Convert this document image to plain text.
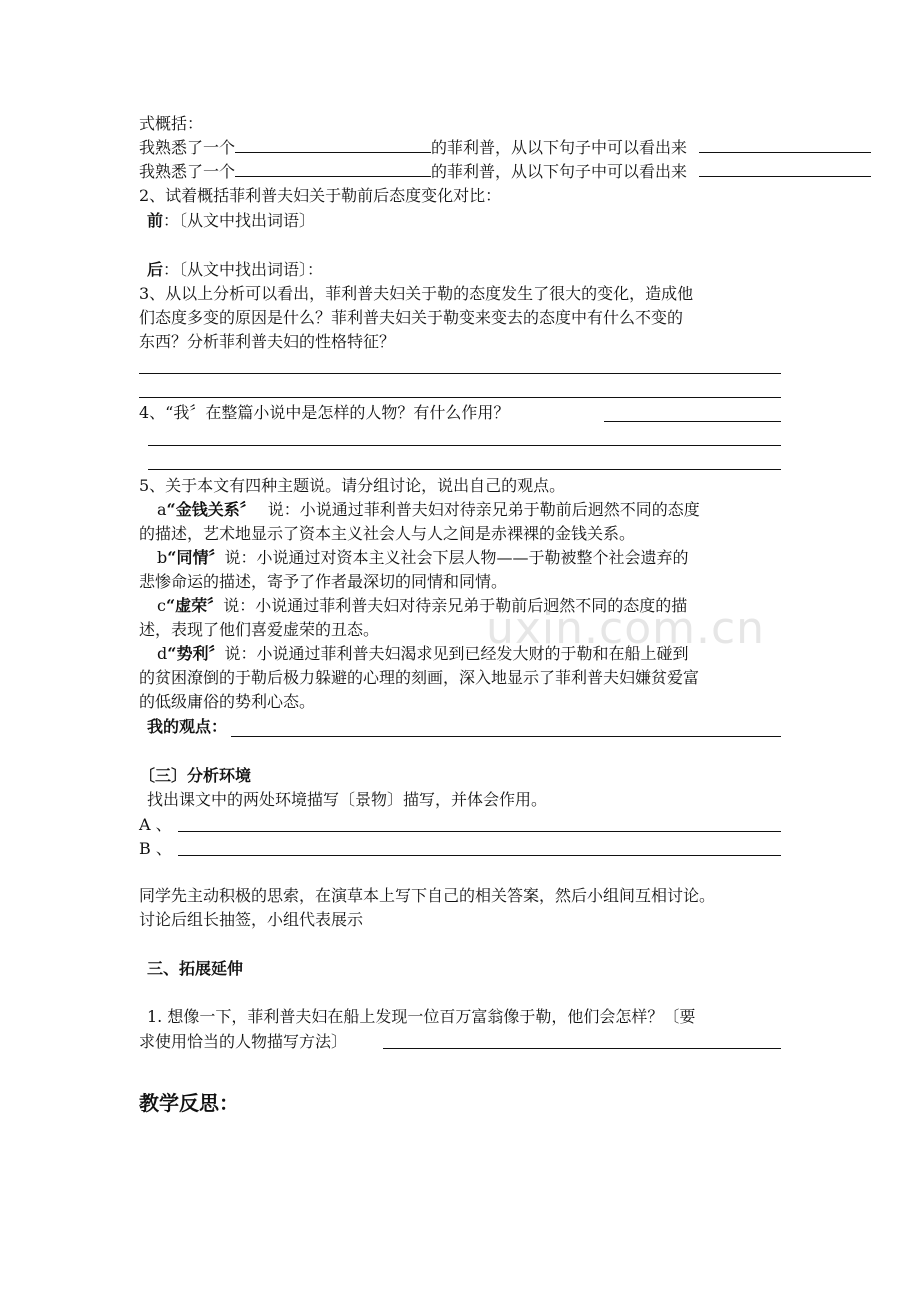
uxin.com.cn
式概括：
我熟悉了一个	的菲利普，从以下句子中可以看出来
我熟悉了一个	的菲利普，从以下句子中可以看出来
2、试着概括菲利普夫妇关于勒前后态度变化对比：
前：〔从文中找出词语〕
后：〔从文中找出词语〕：
3、从以上分析可以看出，菲利普夫妇关于勒的态度发生了很大的变化，造成他
们态度多变的原因是什么？菲利普夫妇关于勒变来变去的态度中有什么不变的
东西？分析菲利普夫妇的性格特征？
4、“我〞在整篇小说中是怎样的人物？有什么作用？
5、关于本文有四种主题说。请分组讨论，说出自己的观点。
a“金钱关系〞 说：小说通过菲利普夫妇对待亲兄弟于勒前后迥然不同的态度
的描述，艺术地显示了资本主义社会人与人之间是赤裸裸的金钱关系。
b“同情〞说：小说通过对资本主义社会下层人物——于勒被整个社会遗弃的
悲惨命运的描述，寄予了作者最深切的同情和同情。
c“虚荣〞说：小说通过菲利普夫妇对待亲兄弟于勒前后迥然不同的态度的描
述，表现了他们喜爱虚荣的丑态。
d“势利〞说：小说通过菲利普夫妇渴求见到已经发大财的于勒和在船上碰到
的贫困潦倒的于勒后极力躲避的心理的刻画，深入地显示了菲利普夫妇嫌贫爱富
的低级庸俗的势利心态。
我的观点：
〔三〕分析环境
找出课文中的两处环境描写〔景物〕描写，并体会作用。
A 、
B 、
同学先主动积极的思索，在演草本上写下自己的相关答案，然后小组间互相讨论。
讨论后组长抽签，小组代表展示
三、拓展延伸
1. 想像一下，菲利普夫妇在船上发现一位百万富翁像于勒，他们会怎样？〔要
求使用恰当的人物描写方法〕
教学反思：
